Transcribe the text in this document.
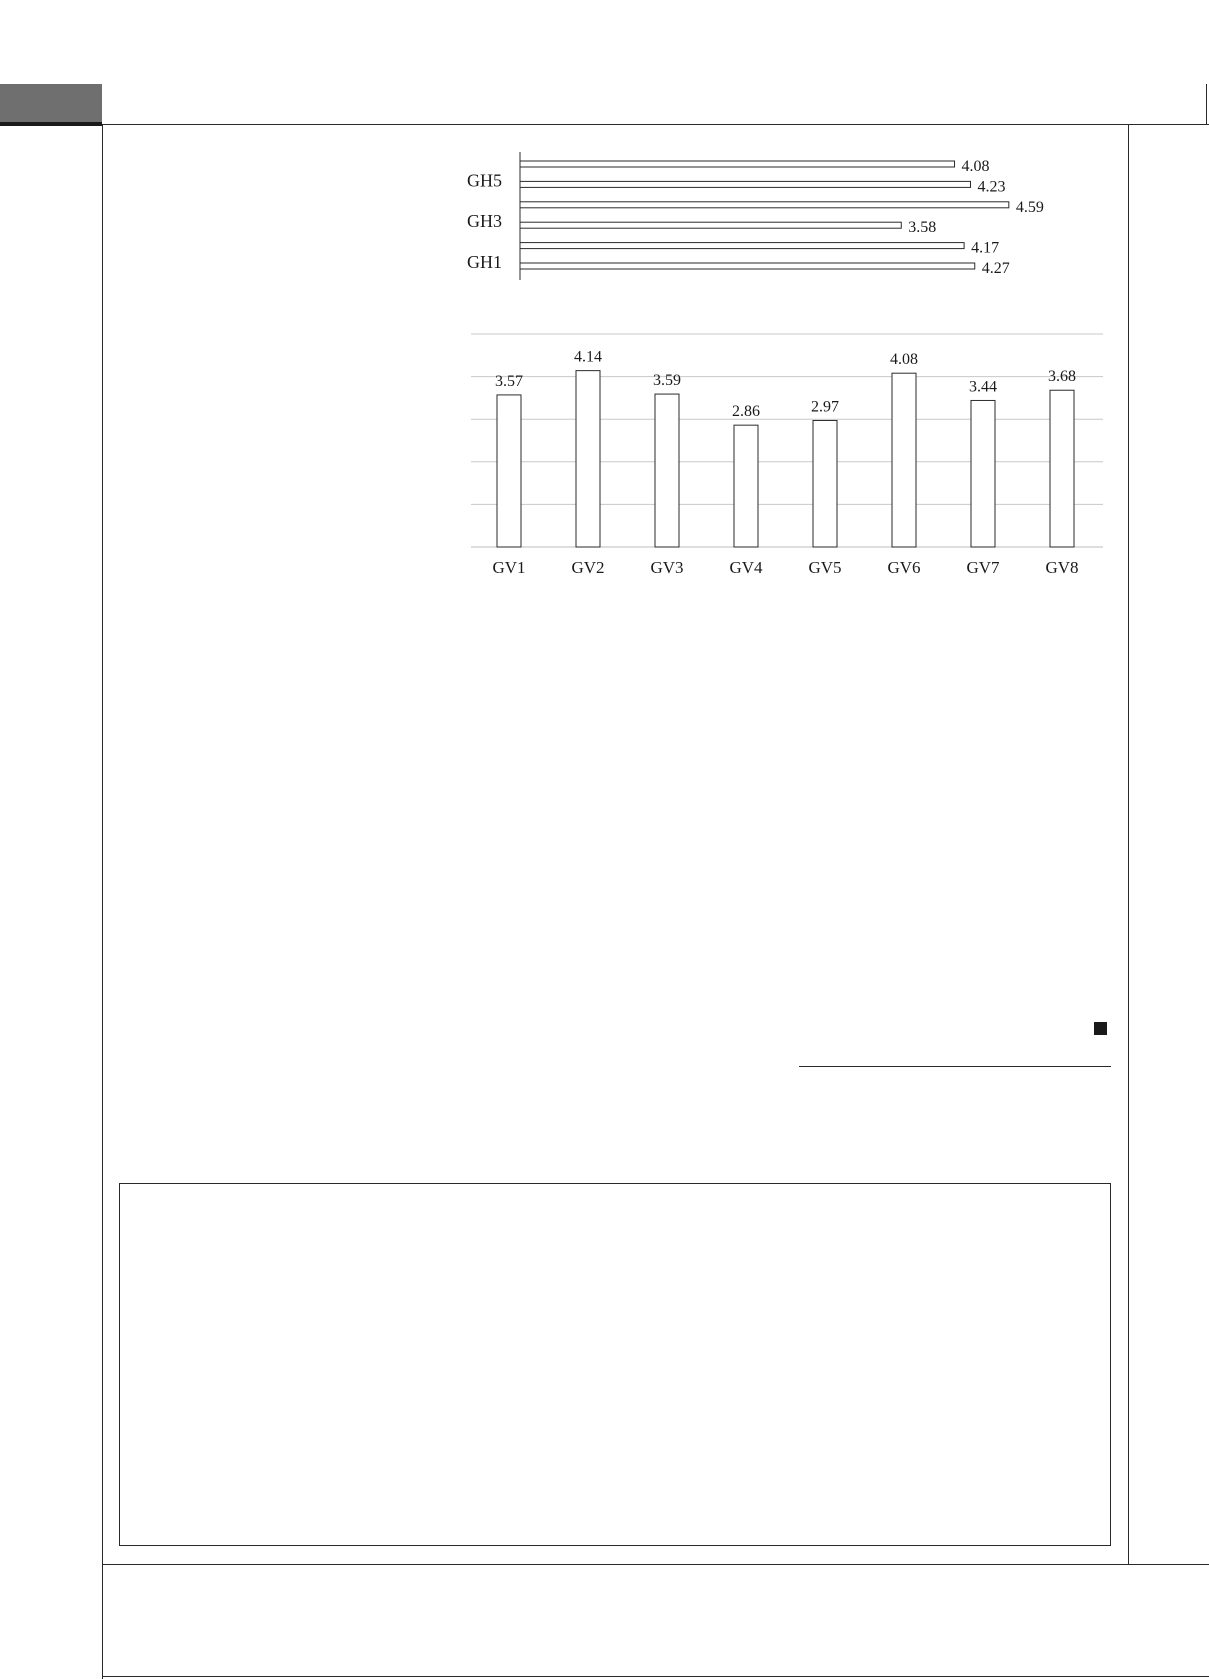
4.27
4.17
3.58
4.59
4.23
4.08
GH1
GH3
GH5
3.57
GV1
4.14
GV2
3.59
GV3
2.86
GV4
2.97
GV5
4.08
GV6
3.44
GV7
3.68
GV8
